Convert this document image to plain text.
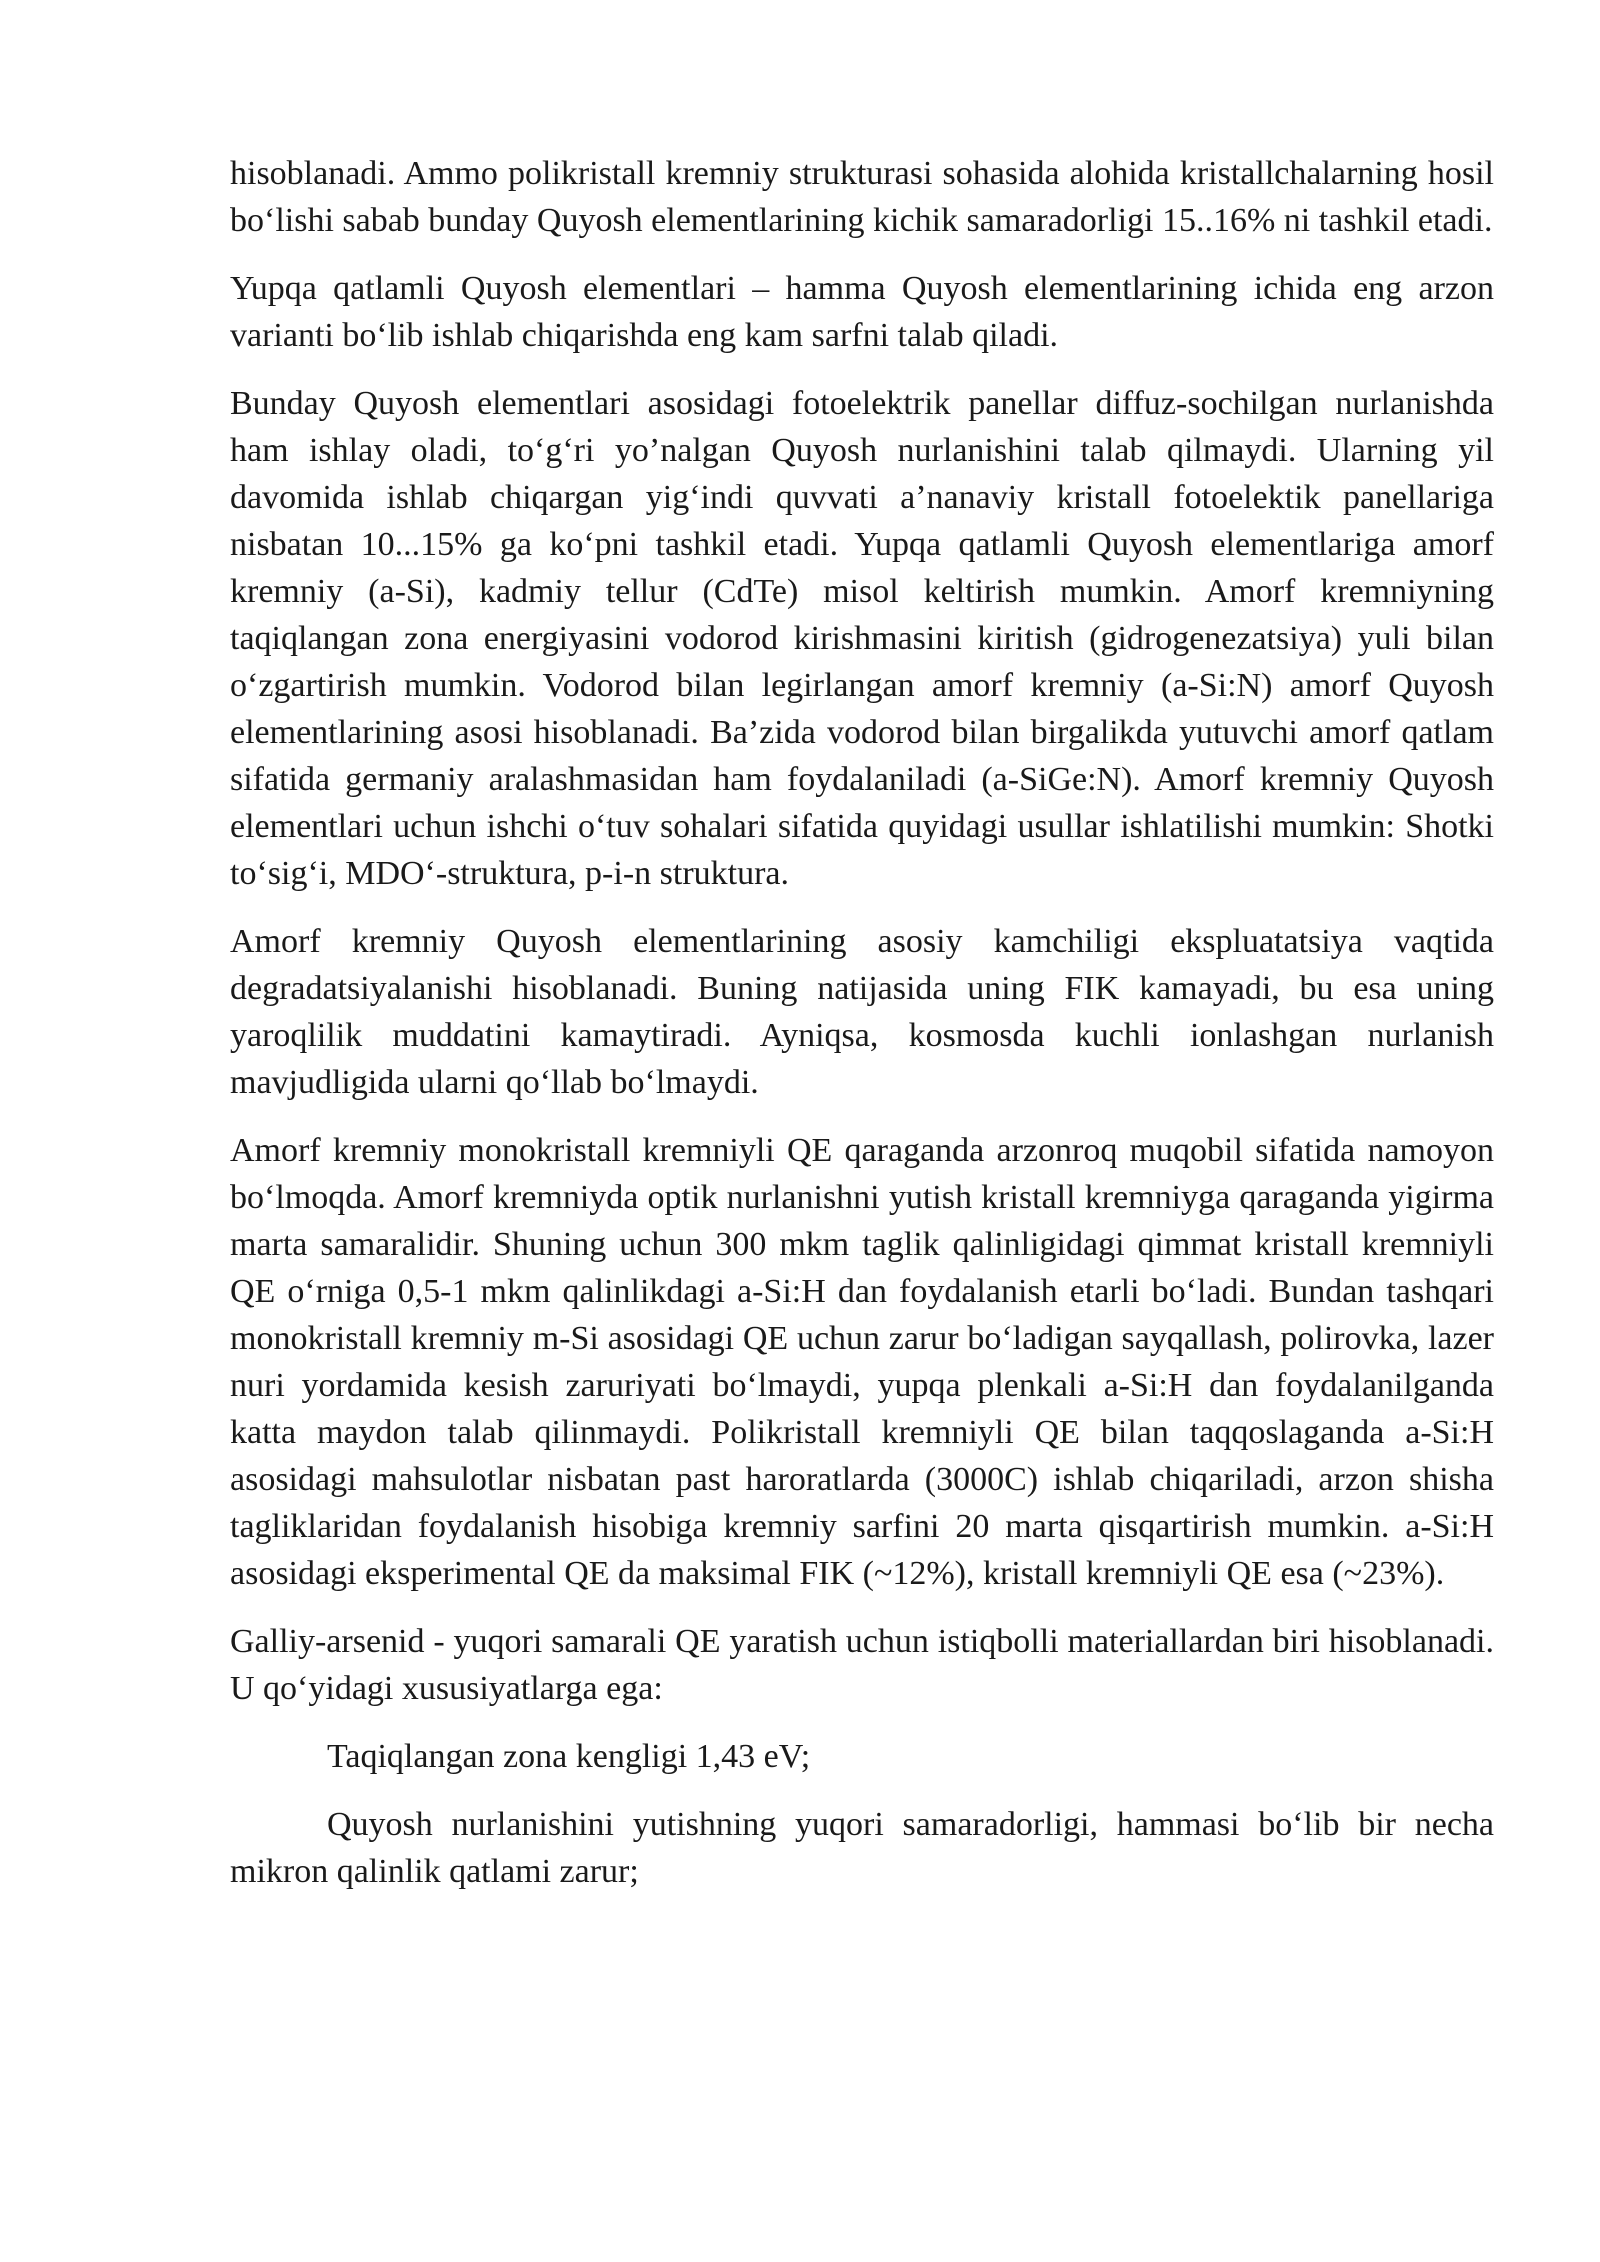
hisoblanadi. Ammo polikristall kremniy strukturasi sohasida alohida kristallchalarning hosil bo‘lishi sabab bunday Quyosh elementlarining kichik samaradorligi 15..16% ni tashkil etadi.

Yupqa qatlamli Quyosh elementlari – hamma Quyosh elementlarining ichida eng arzon varianti bo‘lib ishlab chiqarishda eng kam sarfni talab qiladi.

Bunday Quyosh elementlari asosidagi fotoelektrik panellar diffuz-sochilgan nurlanishda ham ishlay oladi, to‘g‘ri yo’nalgan Quyosh nurlanishini talab qilmaydi. Ularning yil davomida ishlab chiqargan yig‘indi quvvati a’nanaviy kristall fotoelektik panellariga nisbatan 10...15% ga ko‘pni tashkil etadi. Yupqa qatlamli Quyosh elementlariga amorf kremniy (a-Si), kadmiy tellur (CdTe) misol keltirish mumkin. Amorf kremniyning taqiqlangan zona energiyasini vodorod kirishmasini kiritish (gidrogenezatsiya) yuli bilan o‘zgartirish mumkin. Vodorod bilan legirlangan amorf kremniy (a-Si:N) amorf Quyosh elementlarining asosi hisoblanadi. Ba’zida vodorod bilan birgalikda yutuvchi amorf qatlam sifatida germaniy aralashmasidan ham foydalaniladi (a-SiGe:N). Amorf kremniy Quyosh elementlari uchun ishchi o‘tuv sohalari sifatida quyidagi usullar ishlatilishi mumkin: Shotki to‘sig‘i, MDO‘-struktura, p-i-n struktura.

Amorf kremniy Quyosh elementlarining asosiy kamchiligi ekspluatatsiya vaqtida degradatsiyalanishi hisoblanadi. Buning natijasida uning FIK kamayadi, bu esa uning yaroqlilik muddatini kamaytiradi. Ayniqsa, kosmosda kuchli ionlashgan nurlanish mavjudligida ularni qo‘llab bo‘lmaydi.

Amorf kremniy monokristall kremniyli QE qaraganda arzonroq muqobil sifatida namoyon bo‘lmoqda. Amorf kremniyda optik nurlanishni yutish kristall kremniyga qaraganda yigirma marta samaralidir. Shuning uchun 300 mkm taglik qalinligidagi qimmat kristall kremniyli QE o‘rniga 0,5-1 mkm qalinlikdagi a-Si:H dan foydalanish etarli bo‘ladi. Bundan tashqari monokristall kremniy m-Si asosidagi QE uchun zarur bo‘ladigan sayqallash, polirovka, lazer nuri yordamida kesish zaruriyati bo‘lmaydi, yupqa plenkali a-Si:H dan foydalanilganda katta maydon talab qilinmaydi. Polikristall kremniyli QE bilan taqqoslaganda a-Si:H asosidagi mahsulotlar nisbatan past haroratlarda (3000C) ishlab chiqariladi, arzon shisha tagliklaridan foydalanish hisobiga kremniy sarfini 20 marta qisqartirish mumkin. a-Si:H asosidagi eksperimental QE da maksimal FIK (~12%), kristall kremniyli QE esa (~23%).

Galliy-arsenid - yuqori samarali QE yaratish uchun istiqbolli materiallardan biri hisoblanadi. U qo‘yidagi xususiyatlarga ega:

Taqiqlangan zona kengligi 1,43 eV;

Quyosh nurlanishini yutishning yuqori samaradorligi, hammasi bo‘lib bir necha mikron qalinlik qatlami zarur;
